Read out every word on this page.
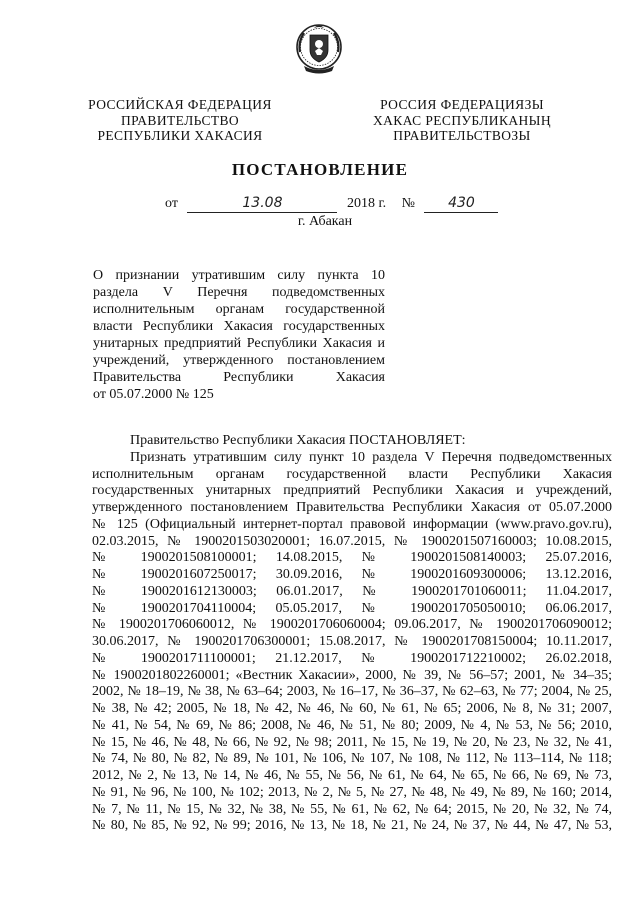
РОССИЙСКАЯ ФЕДЕРАЦИЯ
ПРАВИТЕЛЬСТВО
РЕСПУБЛИКИ ХАКАСИЯ
РОССИЯ ФЕДЕРАЦИЯЗЫ
ХАКАС РЕСПУБЛИКАНЫҢ
ПРАВИТЕЛЬСТВОЗЫ
ПОСТАНОВЛЕНИЕ
от	13.08	2018 г. № 430
г. Абакан
О признании утратившим силу пункта 10
раздела V Перечня подведомственных
исполнительным органам государственной
власти Республики Хакасия государственных
унитарных предприятий Республики Хакасия и
учреждений, утвержденного постановлением
Правительства Республики Хакасия
от 05.07.2000 № 125
Правительство Республики Хакасия ПОСТАНОВЛЯЕТ:
Признать утратившим силу пункт 10 раздела V Перечня подведомственных
исполнительным органам государственной власти Республики Хакасия
государственных унитарных предприятий Республики Хакасия и учреждений,
утвержденного постановлением Правительства Республики Хакасия от 05.07.2000
№ 125 (Официальный интернет-портал правовой информации (www.pravo.gov.ru),
02.03.2015, № 1900201503020001; 16.07.2015, № 1900201507160003; 10.08.2015,
№ 1900201508100001; 14.08.2015, № 1900201508140003; 25.07.2016,
№ 1900201607250017; 30.09.2016, № 1900201609300006; 13.12.2016,
№ 1900201612130003; 06.01.2017, № 1900201701060011; 11.04.2017,
№ 1900201704110004; 05.05.2017, № 1900201705050010; 06.06.2017,
№ 1900201706060012, № 1900201706060004; 09.06.2017, № 1900201706090012;
30.06.2017, № 1900201706300001; 15.08.2017, № 1900201708150004; 10.11.2017,
№ 1900201711100001; 21.12.2017, № 1900201712210002; 26.02.2018,
№ 1900201802260001; «Вестник Хакасии», 2000, № 39, № 56–57; 2001, № 34–35;
2002, № 18–19, № 38, № 63–64; 2003, № 16–17, № 36–37, № 62–63, № 77; 2004, № 25,
№ 38, № 42; 2005, № 18, № 42, № 46, № 60, № 61, № 65; 2006, № 8, № 31; 2007,
№ 41, № 54, № 69, № 86; 2008, № 46, № 51, № 80; 2009, № 4, № 53, № 56; 2010,
№ 15, № 46, № 48, № 66, № 92, № 98; 2011, № 15, № 19, № 20, № 23, № 32, № 41,
№ 74, № 80, № 82, № 89, № 101, № 106, № 107, № 108, № 112, № 113–114, № 118;
2012, № 2, № 13, № 14, № 46, № 55, № 56, № 61, № 64, № 65, № 66, № 69, № 73,
№ 91, № 96, № 100, № 102; 2013, № 2, № 5, № 27, № 48, № 49, № 89, № 160; 2014,
№ 7, № 11, № 15, № 32, № 38, № 55, № 61, № 62, № 64; 2015, № 20, № 32, № 74,
№ 80, № 85, № 92, № 99; 2016, № 13, № 18, № 21, № 24, № 37, № 44, № 47, № 53,
